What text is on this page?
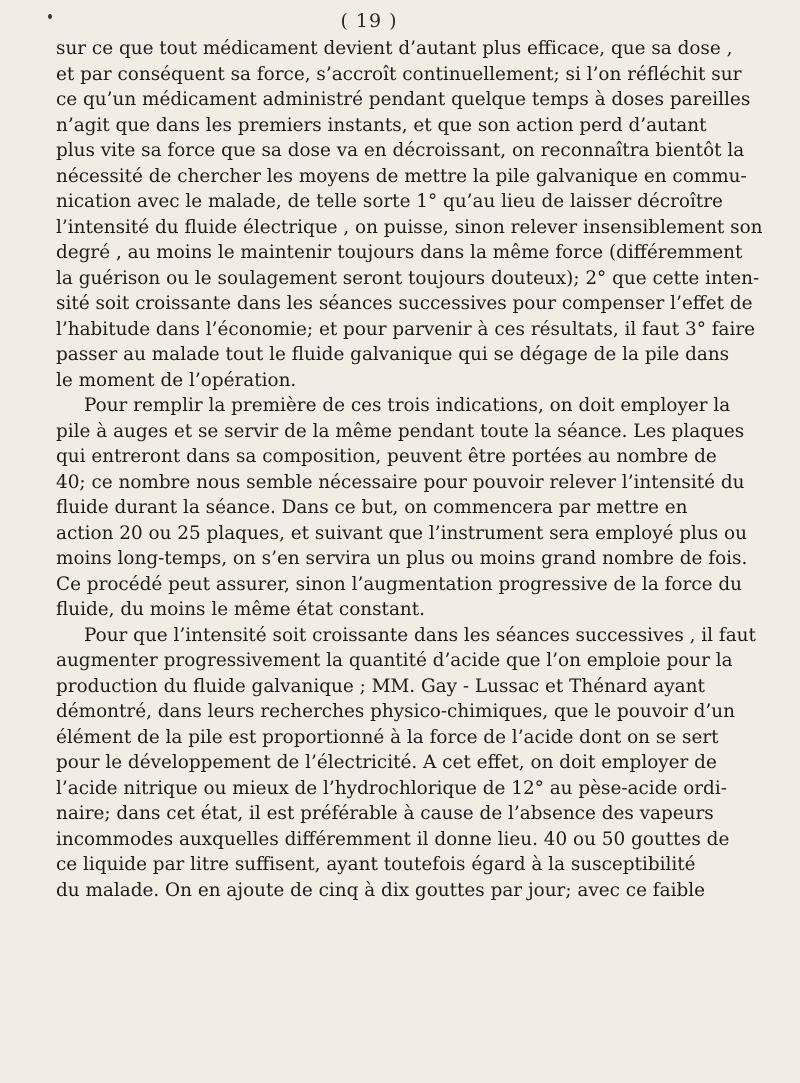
( 19 )
sur ce que tout médicament devient d’autant plus efficace, que sa dose ,
et par conséquent sa force, s’accroît continuellement; si l’on réfléchit sur
ce qu’un médicament administré pendant quelque temps à doses pareilles
n’agit que dans les premiers instants, et que son action perd d’autant
plus vite sa force que sa dose va en décroissant, on reconnaîtra bientôt la
nécessité de chercher les moyens de mettre la pile galvanique en commu-
nication avec le malade, de telle sorte 1° qu’au lieu de laisser décroître
l’intensité du fluide électrique , on puisse, sinon relever insensiblement son
degré , au moins le maintenir toujours dans la même force (différemment
la guérison ou le soulagement seront toujours douteux); 2° que cette inten-
sité soit croissante dans les séances successives pour compenser l’effet de
l’habitude dans l’économie; et pour parvenir à ces résultats, il faut 3° faire
passer au malade tout le fluide galvanique qui se dégage de la pile dans
le moment de l’opération.
Pour remplir la première de ces trois indications, on doit employer la
pile à auges et se servir de la même pendant toute la séance. Les plaques
qui entreront dans sa composition, peuvent être portées au nombre de
40; ce nombre nous semble nécessaire pour pouvoir relever l’intensité du
fluide durant la séance. Dans ce but, on commencera par mettre en
action 20 ou 25 plaques, et suivant que l’instrument sera employé plus ou
moins long-temps, on s’en servira un plus ou moins grand nombre de fois.
Ce procédé peut assurer, sinon l’augmentation progressive de la force du
fluide, du moins le même état constant.
Pour que l’intensité soit croissante dans les séances successives , il faut
augmenter progressivement la quantité d’acide que l’on emploie pour la
production du fluide galvanique ; MM. Gay - Lussac et Thénard ayant
démontré, dans leurs recherches physico-chimiques, que le pouvoir d’un
élément de la pile est proportionné à la force de l’acide dont on se sert
pour le développement de l’électricité. A cet effet, on doit employer de
l’acide nitrique ou mieux de l’hydrochlorique de 12° au pèse-acide ordi-
naire; dans cet état, il est préférable à cause de l’absence des vapeurs
incommodes auxquelles différemment il donne lieu. 40 ou 50 gouttes de
ce liquide par litre suffisent, ayant toutefois égard à la susceptibilité
du malade. On en ajoute de cinq à dix gouttes par jour; avec ce faible
